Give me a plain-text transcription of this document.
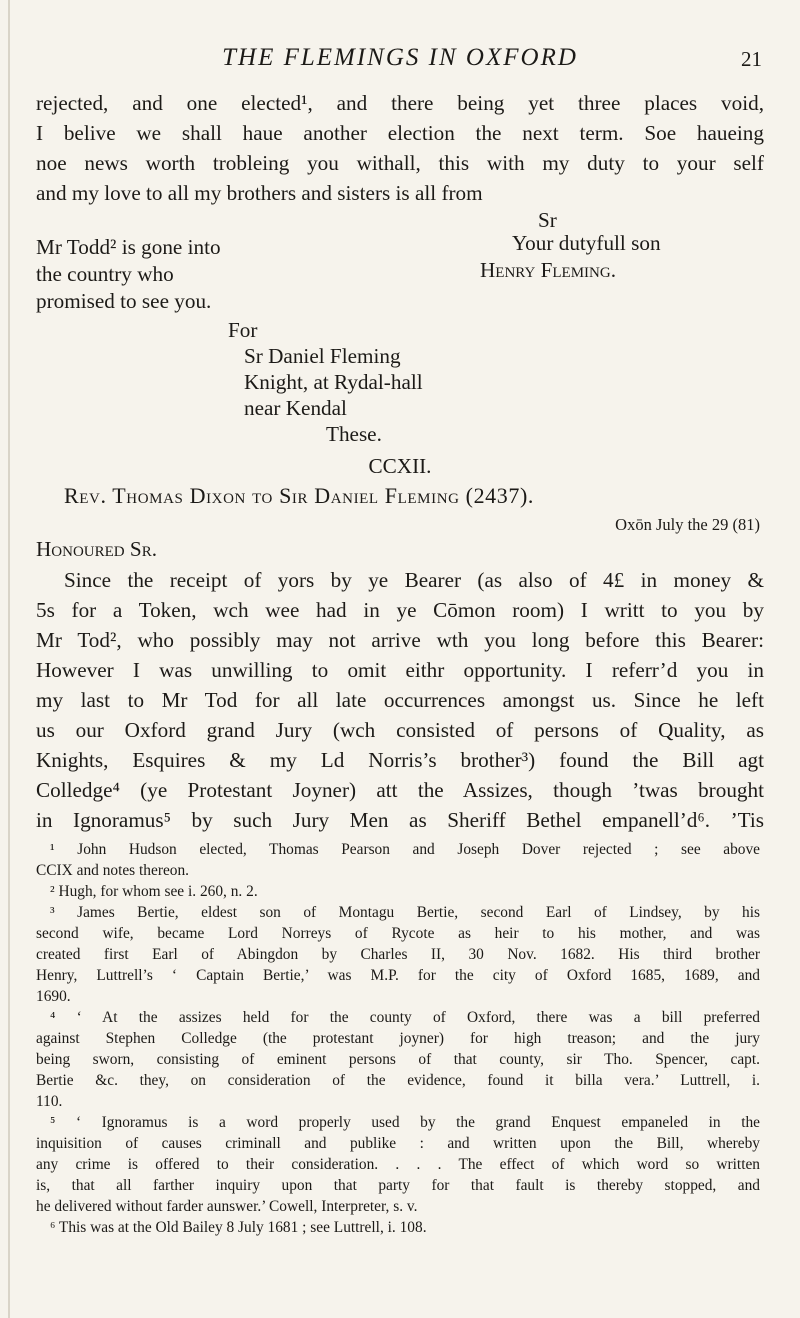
THE FLEMINGS IN OXFORD	21
rejected, and one elected¹, and there being yet three places void,
I belive we shall haue another election the next term. Soe haueing
noe news worth trobleing you withall, this with my duty to your self
and my love to all my brothers and sisters is all from
Sr
Your dutyfull son
Henry Fleming.
Mr Todd² is gone into
the country who
promised to see you.
For
Sr Daniel Fleming
Knight, at Rydal-hall
near Kendal
These.
CCXII.
Rev. Thomas Dixon to Sir Daniel Fleming (2437).
Oxōn July the 29 (81)
Honoured Sr.
Since the receipt of yors by ye Bearer (as also of 4£ in money &
5s for a Token, wch wee had in ye Cōmon room) I writt to you by
Mr Tod², who possibly may not arrive wth you long before this Bearer:
However I was unwilling to omit eithr opportunity. I referr’d you in
my last to Mr Tod for all late occurrences amongst us. Since he left
us our Oxford grand Jury (wch consisted of persons of Quality, as
Knights, Esquires & my Ld Norris’s brother³) found the Bill agt
Colledge⁴ (ye Protestant Joyner) att the Assizes, though ’twas brought
in Ignoramus⁵ by such Jury Men as Sheriff Bethel empanell’d⁶. ’Tis
¹ John Hudson elected, Thomas Pearson and Joseph Dover rejected ; see above
CCIX and notes thereon.
² Hugh, for whom see i. 260, n. 2.
³ James Bertie, eldest son of Montagu Bertie, second Earl of Lindsey, by his
second wife, became Lord Norreys of Rycote as heir to his mother, and was
created first Earl of Abingdon by Charles II, 30 Nov. 1682. His third brother
Henry, Luttrell’s ‘ Captain Bertie,’ was M.P. for the city of Oxford 1685, 1689, and
1690.
⁴ ‘ At the assizes held for the county of Oxford, there was a bill preferred
against Stephen Colledge (the protestant joyner) for high treason; and the jury
being sworn, consisting of eminent persons of that county, sir Tho. Spencer, capt.
Bertie &c. they, on consideration of the evidence, found it billa vera.’ Luttrell, i.
110.
⁵ ‘ Ignoramus is a word properly used by the grand Enquest empaneled in the
inquisition of causes criminall and publike : and written upon the Bill, whereby
any crime is offered to their consideration. . . . The effect of which word so written
is, that all farther inquiry upon that party for that fault is thereby stopped, and
he delivered without farder aunswer.’ Cowell, Interpreter, s. v.
⁶ This was at the Old Bailey 8 July 1681 ; see Luttrell, i. 108.
